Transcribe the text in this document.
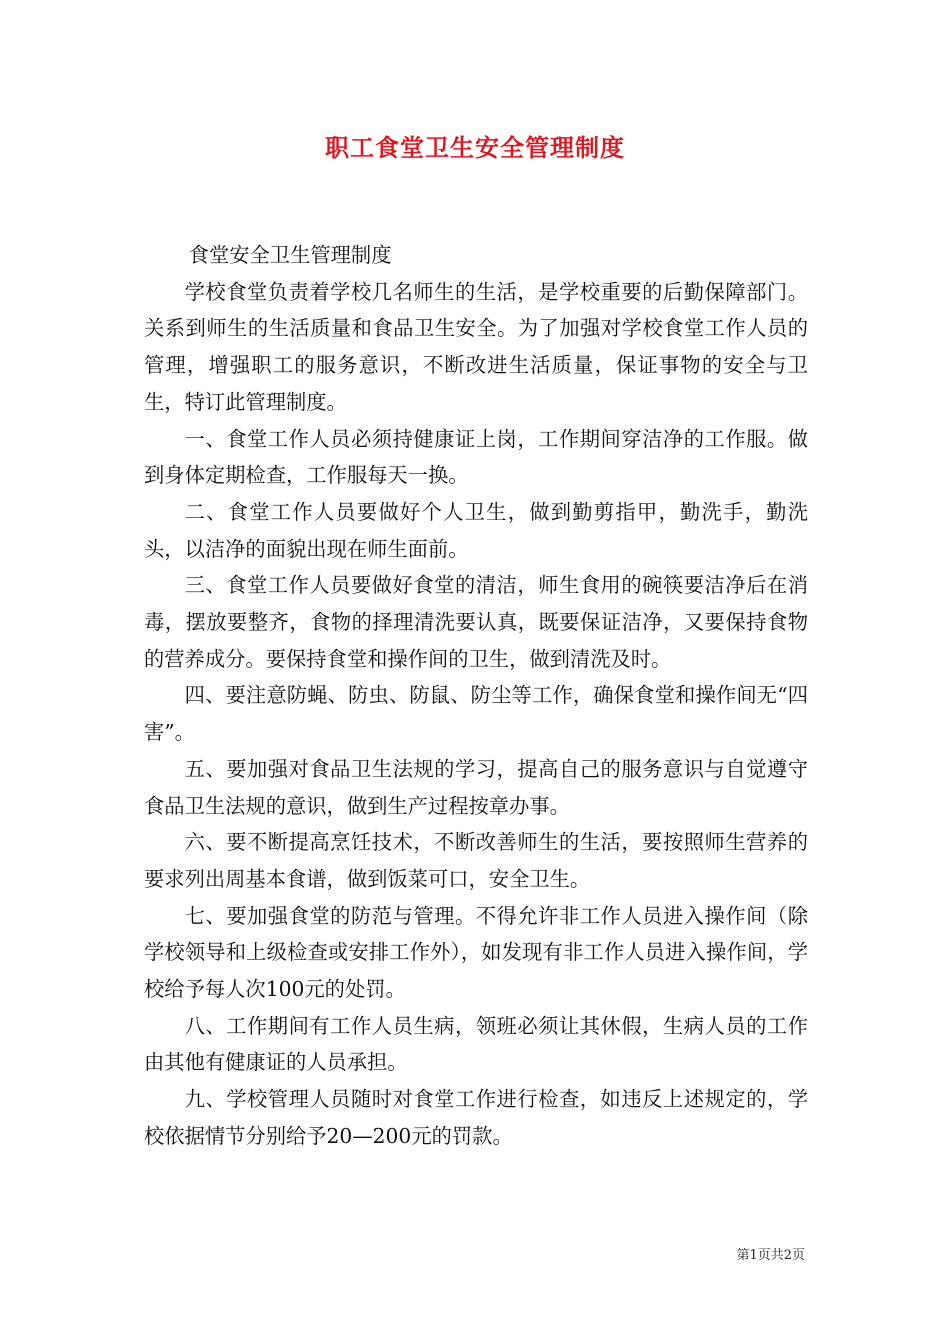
职工食堂卫生安全管理制度

食堂安全卫生管理制度

学校食堂负责着学校几名师生的生活，是学校重要的后勤保障部门。关系到师生的生活质量和食品卫生安全。为了加强对学校食堂工作人员的管理，增强职工的服务意识，不断改进生活质量，保证事物的安全与卫生，特订此管理制度。

一、食堂工作人员必须持健康证上岗，工作期间穿洁净的工作服。做到身体定期检查，工作服每天一换。

二、食堂工作人员要做好个人卫生，做到勤剪指甲，勤洗手，勤洗头，以洁净的面貌出现在师生面前。

三、食堂工作人员要做好食堂的清洁，师生食用的碗筷要洁净后在消毒，摆放要整齐，食物的择理清洗要认真，既要保证洁净，又要保持食物的营养成分。要保持食堂和操作间的卫生，做到清洗及时。

四、要注意防蝇、防虫、防鼠、防尘等工作，确保食堂和操作间无“四害”。

五、要加强对食品卫生法规的学习，提高自己的服务意识与自觉遵守食品卫生法规的意识，做到生产过程按章办事。

六、要不断提高烹饪技术，不断改善师生的生活，要按照师生营养的要求列出周基本食谱，做到饭菜可口，安全卫生。

七、要加强食堂的防范与管理。不得允许非工作人员进入操作间（除学校领导和上级检查或安排工作外），如发现有非工作人员进入操作间，学校给予每人次100元的处罚。

八、工作期间有工作人员生病，领班必须让其休假，生病人员的工作由其他有健康证的人员承担。

九、学校管理人员随时对食堂工作进行检查，如违反上述规定的，学校依据情节分别给予20—200元的罚款。

第1页共2页
